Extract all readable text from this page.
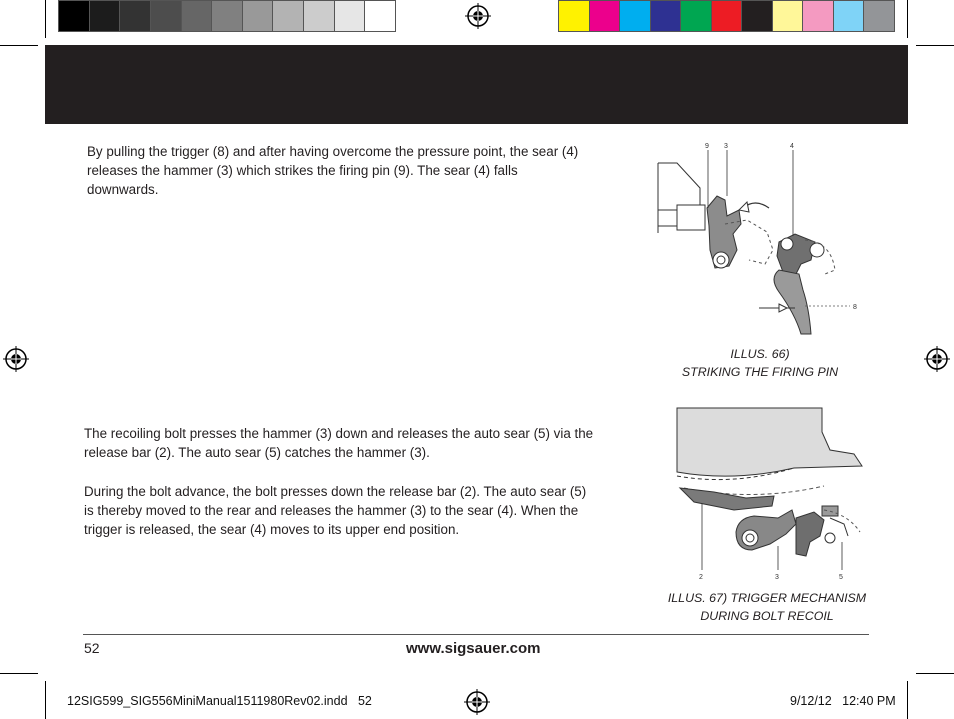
By pulling the trigger (8) and after having overcome the pressure point, the sear (4) releases the hammer (3) which strikes the firing pin (9). The sear (4) falls downwards.
9 3	4
8
ILLUS. 66)
STRIKING THE FIRING PIN
The recoiling bolt presses the hammer (3) down and releases the auto sear (5) via the release bar (2). The auto sear (5) catches the hammer (3).
During the bolt advance, the bolt presses down the release bar (2). The auto sear (5) is thereby moved to the rear and releases the hammer (3) to the sear (4). When the trigger is released, the sear (4) moves to its upper end position.
2	3	5
ILLUS. 67) TRIGGER MECHANISM
DURING BOLT RECOIL
52	www.sigsauer.com
12SIG599_SIG556MiniManual1511980Rev02.indd   52	9/12/12   12:40 PM
